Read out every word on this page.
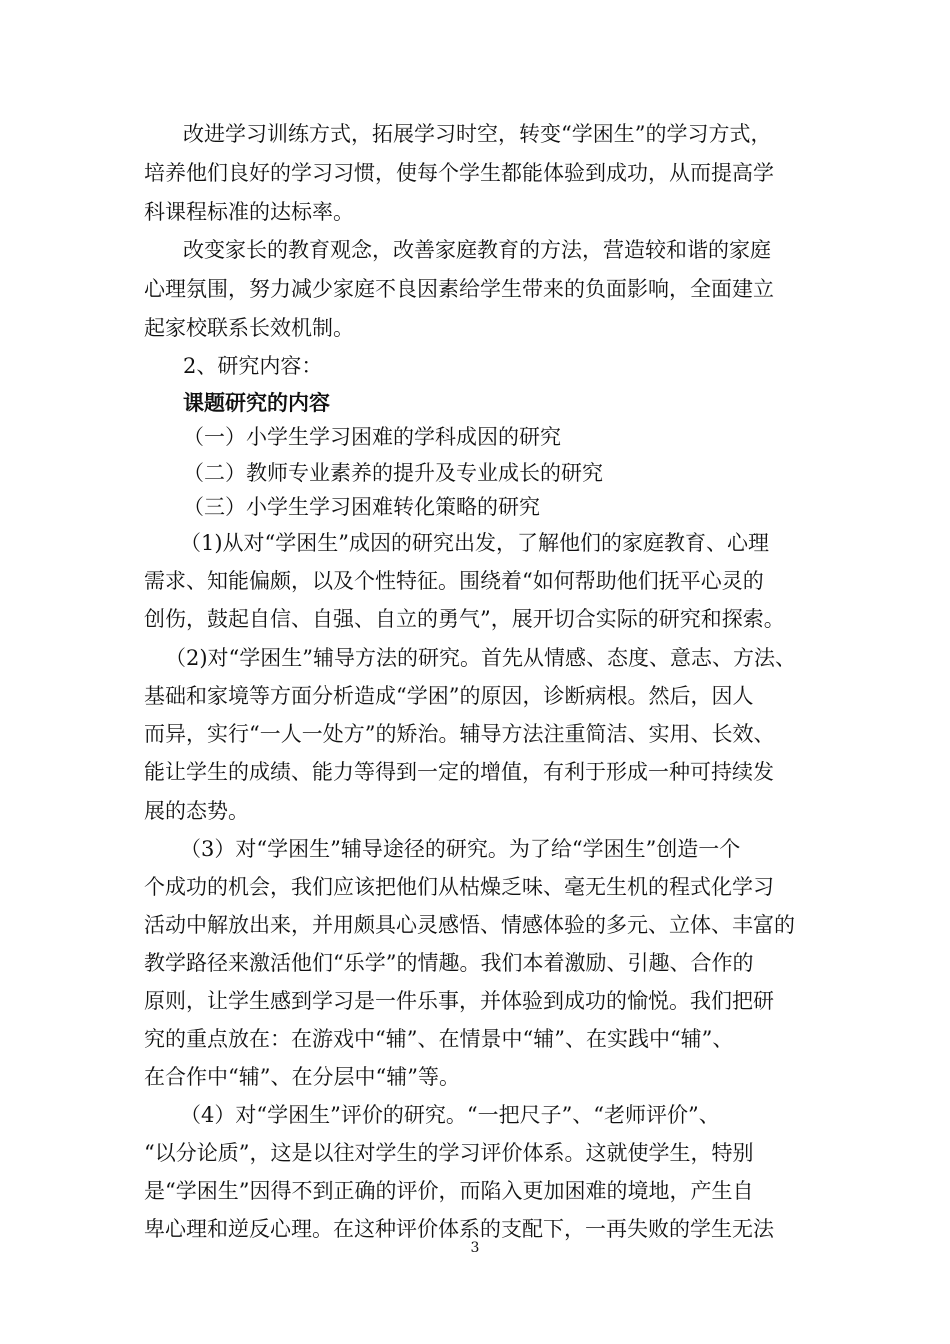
改进学习训练方式，拓展学习时空，转变“学困生”的学习方式，
培养他们良好的学习习惯，使每个学生都能体验到成功，从而提高学
科课程标准的达标率。
改变家长的教育观念，改善家庭教育的方法，营造较和谐的家庭
心理氛围，努力减少家庭不良因素给学生带来的负面影响，全面建立
起家校联系长效机制。
2、研究内容：
课题研究的内容
（一）小学生学习困难的学科成因的研究
（二）教师专业素养的提升及专业成长的研究
（三）小学生学习困难转化策略的研究
（1)从对“学困生”成因的研究出发，了解他们的家庭教育、心理
需求、知能偏颇，以及个性特征。围绕着“如何帮助他们抚平心灵的
创伤，鼓起自信、自强、自立的勇气”，展开切合实际的研究和探索。
（2)对“学困生”辅导方法的研究。首先从情感、态度、意志、方法、
基础和家境等方面分析造成“学困”的原因，诊断病根。然后，因人
而异，实行“一人一处方”的矫治。辅导方法注重简洁、实用、长效、
能让学生的成绩、能力等得到一定的增值，有利于形成一种可持续发
展的态势。
（3）对“学困生”辅导途径的研究。为了给“学困生”创造一个
个成功的机会，我们应该把他们从枯燥乏味、毫无生机的程式化学习
活动中解放出来，并用颇具心灵感悟、情感体验的多元、立体、丰富的
教学路径来激活他们“乐学”的情趣。我们本着激励、引趣、合作的
原则，让学生感到学习是一件乐事，并体验到成功的愉悦。我们把研
究的重点放在：在游戏中“辅”、在情景中“辅”、在实践中“辅”、
在合作中“辅”、在分层中“辅”等。
（4）对“学困生”评价的研究。“一把尺子”、“老师评价”、
“以分论质”，这是以往对学生的学习评价体系。这就使学生，特别
是“学困生”因得不到正确的评价，而陷入更加困难的境地，产生自
卑心理和逆反心理。在这种评价体系的支配下，一再失败的学生无法
3
